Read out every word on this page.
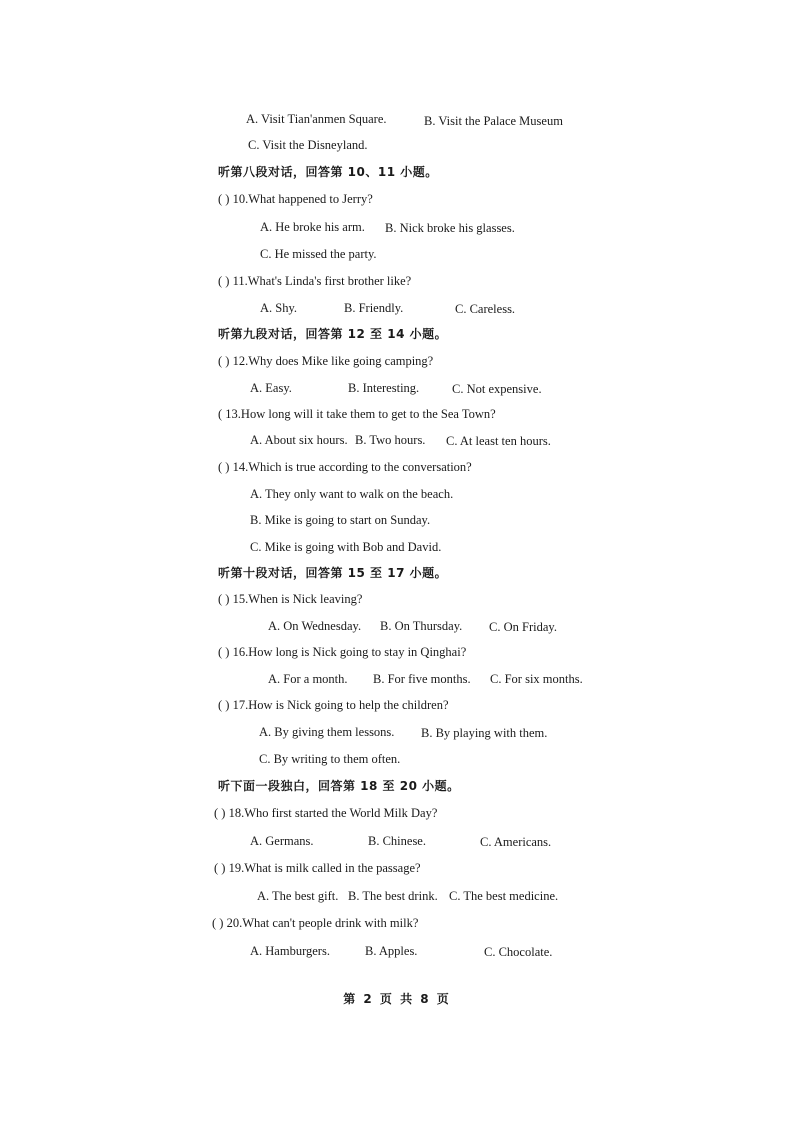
A. Visit Tian'anmen Square.	B. Visit the Palace Museum
C. Visit the Disneyland.
听第八段对话，回答第 10、11 小题。
( ) 10.What happened to Jerry?
A. He broke his arm. B. Nick broke his glasses.
C. He missed the party.
( ) 11.What's Linda's first brother like?
A. Shy.	B. Friendly.	C. Careless.
听第九段对话，回答第 12 至 14 小题。
( ) 12.Why does Mike like going camping?
A. Easy.	B. Interesting.	C. Not expensive.
( 13.How long will it take them to get to the Sea Town?
A. About six hours. B. Two hours. C. At least ten hours.
( ) 14.Which is true according to the conversation?
A. They only want to walk on the beach.
B. Mike is going to start on Sunday.
C. Mike is going with Bob and David.
听第十段对话，回答第 15 至 17 小题。
( ) 15.When is Nick leaving?
A. On Wednesday. B. On Thursday. C. On Friday.
( ) 16.How long is Nick going to stay in Qinghai?
A. For a month. B. For five months. C. For six months.
( ) 17.How is Nick going to help the children?
A. By giving them lessons. B. By playing with them.
C. By writing to them often.
听下面一段独白，回答第 18 至 20 小题。
( ) 18.Who first started the World Milk Day?
A. Germans.	B. Chinese.	C. Americans.
( ) 19.What is milk called in the passage?
A. The best gift. B. The best drink. C. The best medicine.
( ) 20.What can't people drink with milk?
A. Hamburgers.	B. Apples.	C. Chocolate.
第 2 页 共 8 页
